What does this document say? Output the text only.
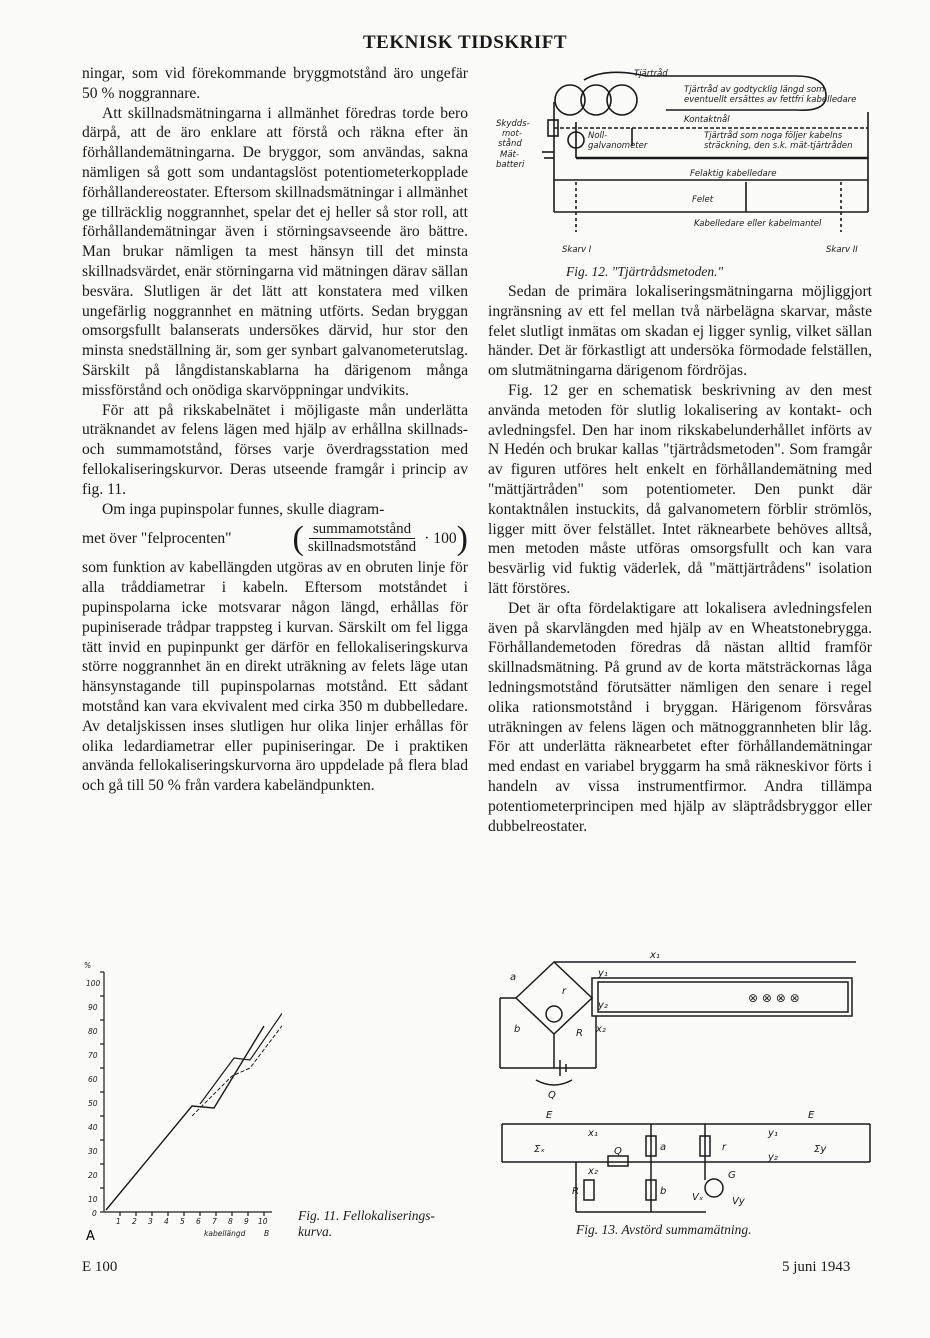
TEKNISK TIDSKRIFT

ningar, som vid förekommande bryggmotstånd äro ungefär 50 % noggrannare.

Att skillnadsmätningarna i allmänhet föredras torde bero därpå, att de äro enklare att förstå och räkna efter än förhållandemätningarna. De bryggor, som användas, sakna nämligen så gott som undantagslöst potentiometerkopplade förhållandereostater. Eftersom skillnadsmätningar i allmänhet ge tillräcklig noggrannhet, spelar det ej heller så stor roll, att förhållandemätningar även i störningsavseende äro bättre. Man brukar nämligen ta mest hänsyn till det minsta skillnadsvärdet, enär störningarna vid mätningen därav sällan besvära. Slutligen är det lätt att konstatera med vilken ungefärlig noggrannhet en mätning utförts. Sedan bryggan omsorgsfullt balanserats undersökes därvid, hur stor den minsta snedställning är, som ger synbart galvanometerutslag. Särskilt på långdistanskablarna ha därigenom många missförstånd och onödiga skarvöppningar undvikits.

För att på rikskabelnätet i möjligaste mån underlätta uträknandet av felens lägen med hjälp av erhållna skillnads- och summamotstånd, förses varje överdragsstation med fellokaliseringskurvor. Deras utseende framgår i princip av fig. 11.

Om inga pupinspolar funnes, skulle diagram-

met över "felprocenten" ( $\frac{\text{summamotstånd}}{\text{skillnadsmotstånd}} \cdot 100$ )

som funktion av kabellängden utgöras av en obruten linje för alla tråddiametrar i kabeln. Eftersom motståndet i pupinspolarna icke motsvarar någon längd, erhållas för pupiniserade trådpar trappsteg i kurvan. Särskilt om fel ligga tätt invid en pupinpunkt ger därför en fellokaliseringskurva större noggrannhet än en direkt uträkning av felets läge utan hänsynstagande till pupinspolarnas motstånd. Ett sådant motstånd kan vara ekvivalent med cirka 350 m dubbelledare. Av detaljskissen inses slutligen hur olika linjer erhållas för olika ledardiametrar eller pupiniseringar. De i praktiken använda fellokaliseringskurvorna äro uppdelade på flera blad och gå till 50 % från vardera kabeländpunkten.

Sedan de primära lokaliseringsmätningarna möjliggjort ingränsning av ett fel mellan två närbelägna skarvar, måste felet slutligt inmätas om skadan ej ligger synlig, vilket sällan händer. Det är förkastligt att undersöka förmodade felställen, om slutmätningarna därigenom fördröjas.

Fig. 12 ger en schematisk beskrivning av den mest använda metoden för slutlig lokalisering av kontakt- och avledningsfel. Den har inom rikskabelunderhållet införts av N Hedén och brukar kallas "tjärtrådsmetoden". Som framgår av figuren utföres helt enkelt en förhållandemätning med "mättjärtråden" som potentiometer. Den punkt där kontaktnålen instuckits, då galvanometern förblir strömlös, ligger mitt över felstället. Intet räknearbete behöves alltså, men metoden måste utföras omsorgsfullt och kan vara besvärlig vid fuktig väderlek, då "mättjärtrådens" isolation lätt förstöres.

Det är ofta fördelaktigare att lokalisera avledningsfelen även på skarvlängden med hjälp av en Wheatstonebrygga. Förhållandemetoden föredras då nästan alltid framför skillnadsmätning. På grund av de korta mätsträckornas låga ledningsmotstånd förutsätter nämligen den senare i regel olika rationsmotstånd i bryggan. Härigenom försvåras uträkningen av felens lägen och mätnoggrannheten blir låg. För att underlätta räknearbetet efter förhållandemätningar med endast en variabel bryggarm ha små räkneskivor förts i handeln av vissa instrumentfirmor. Andra tillämpa potentiometerprincipen med hjälp av släptrådsbryggor eller dubbelreostater.

Tjärtråd
Tjärtråd av godtycklig längd som
eventuellt ersättes av fettfri kabelledare
Skydds-
mot-
stånd
Mät-
batteri
Kontaktnål
Noll-
galvanometer
Tjärtråd som noga följer kabelns
sträckning, den s.k. mät-tjärtråden
Felaktig kabelledare
Felet
Kabelledare eller kabelmantel
Skarv I	Skarv II
Fig. 12. "Tjärtrådsmetoden."
%
100
90
80
70
60
50
40
30
20
10
0
1 2 3 4 5 6 7 8 9 10
kabellängd B
A
Fig. 11. Fellokaliserings-
kurva.
a
x₁
y₁
y₂
r
b	R x₂
Q
⊗ ⊗ ⊗ ⊗
E	E
Σₓ	Σy
x₁
x₂
Q	a
b
r
R
y₁
y₂
Vₓ	Vy
G
Fig. 13. Avstörd summamätning.
E 100	5 juni 1943
